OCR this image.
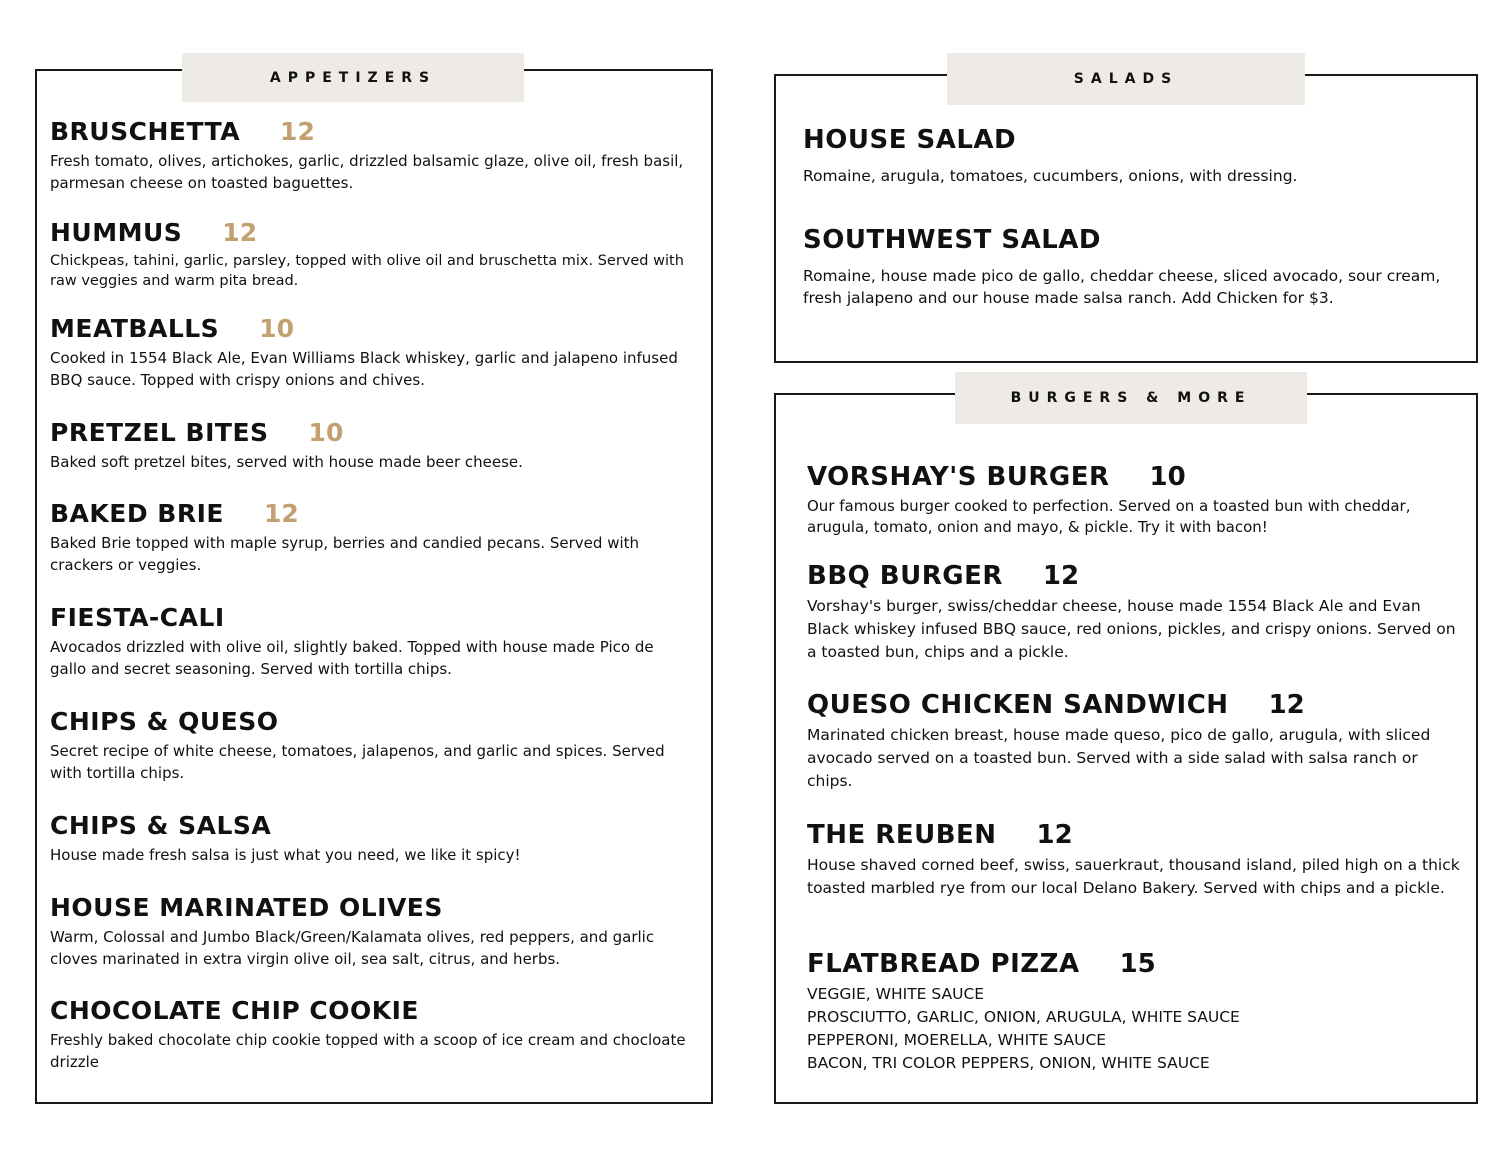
APPETIZERS
BRUSCHETTA 12
Fresh tomato, olives, artichokes, garlic, drizzled balsamic glaze, olive oil, fresh basil, parmesan cheese on toasted baguettes.
HUMMUS 12
Chickpeas, tahini, garlic, parsley, topped with olive oil and bruschetta mix. Served with raw veggies and warm pita bread.
MEATBALLS 10
Cooked in 1554 Black Ale, Evan Williams Black whiskey, garlic and jalapeno infused BBQ sauce. Topped with crispy onions and chives.
PRETZEL BITES 10
Baked soft pretzel bites, served with house made beer cheese.
BAKED BRIE 12
Baked Brie topped with maple syrup, berries and candied pecans. Served with crackers or veggies.
FIESTA-CALI
Avocados drizzled with olive oil, slightly baked. Topped with house made Pico de gallo and secret seasoning. Served with tortilla chips.
CHIPS & QUESO
Secret recipe of white cheese, tomatoes, jalapenos, and garlic and spices. Served with tortilla chips.
CHIPS & SALSA
House made fresh salsa is just what you need, we like it spicy!
HOUSE MARINATED OLIVES
Warm, Colossal and Jumbo Black/Green/Kalamata olives, red peppers, and garlic cloves marinated in extra virgin olive oil, sea salt, citrus, and herbs.
CHOCOLATE CHIP COOKIE
Freshly baked chocolate chip cookie topped with a scoop of ice cream and chocloate drizzle
SALADS
HOUSE SALAD
Romaine, arugula, tomatoes, cucumbers, onions, with dressing.
SOUTHWEST SALAD
Romaine, house made pico de gallo, cheddar cheese, sliced avocado, sour cream, fresh jalapeno and our house made salsa ranch. Add Chicken for $3.
BURGERS & MORE
VORSHAY'S BURGER 10
Our famous burger cooked to perfection. Served on a toasted bun with cheddar, arugula, tomato, onion and mayo, & pickle. Try it with bacon!
BBQ BURGER 12
Vorshay's burger, swiss/cheddar cheese, house made 1554 Black Ale and Evan Black whiskey infused BBQ sauce, red onions, pickles, and crispy onions. Served on a toasted bun, chips and a pickle.
QUESO CHICKEN SANDWICH 12
Marinated chicken breast, house made queso, pico de gallo, arugula, with sliced avocado served on a toasted bun. Served with a side salad with salsa ranch or chips.
THE REUBEN 12
House shaved corned beef, swiss, sauerkraut, thousand island, piled high on a thick toasted marbled rye from our local Delano Bakery. Served with chips and a pickle.
FLATBREAD PIZZA 15
VEGGIE, WHITE SAUCE
PROSCIUTTO, GARLIC, ONION, ARUGULA, WHITE SAUCE
PEPPERONI, MOERELLA, WHITE SAUCE
BACON, TRI COLOR PEPPERS, ONION, WHITE SAUCE
